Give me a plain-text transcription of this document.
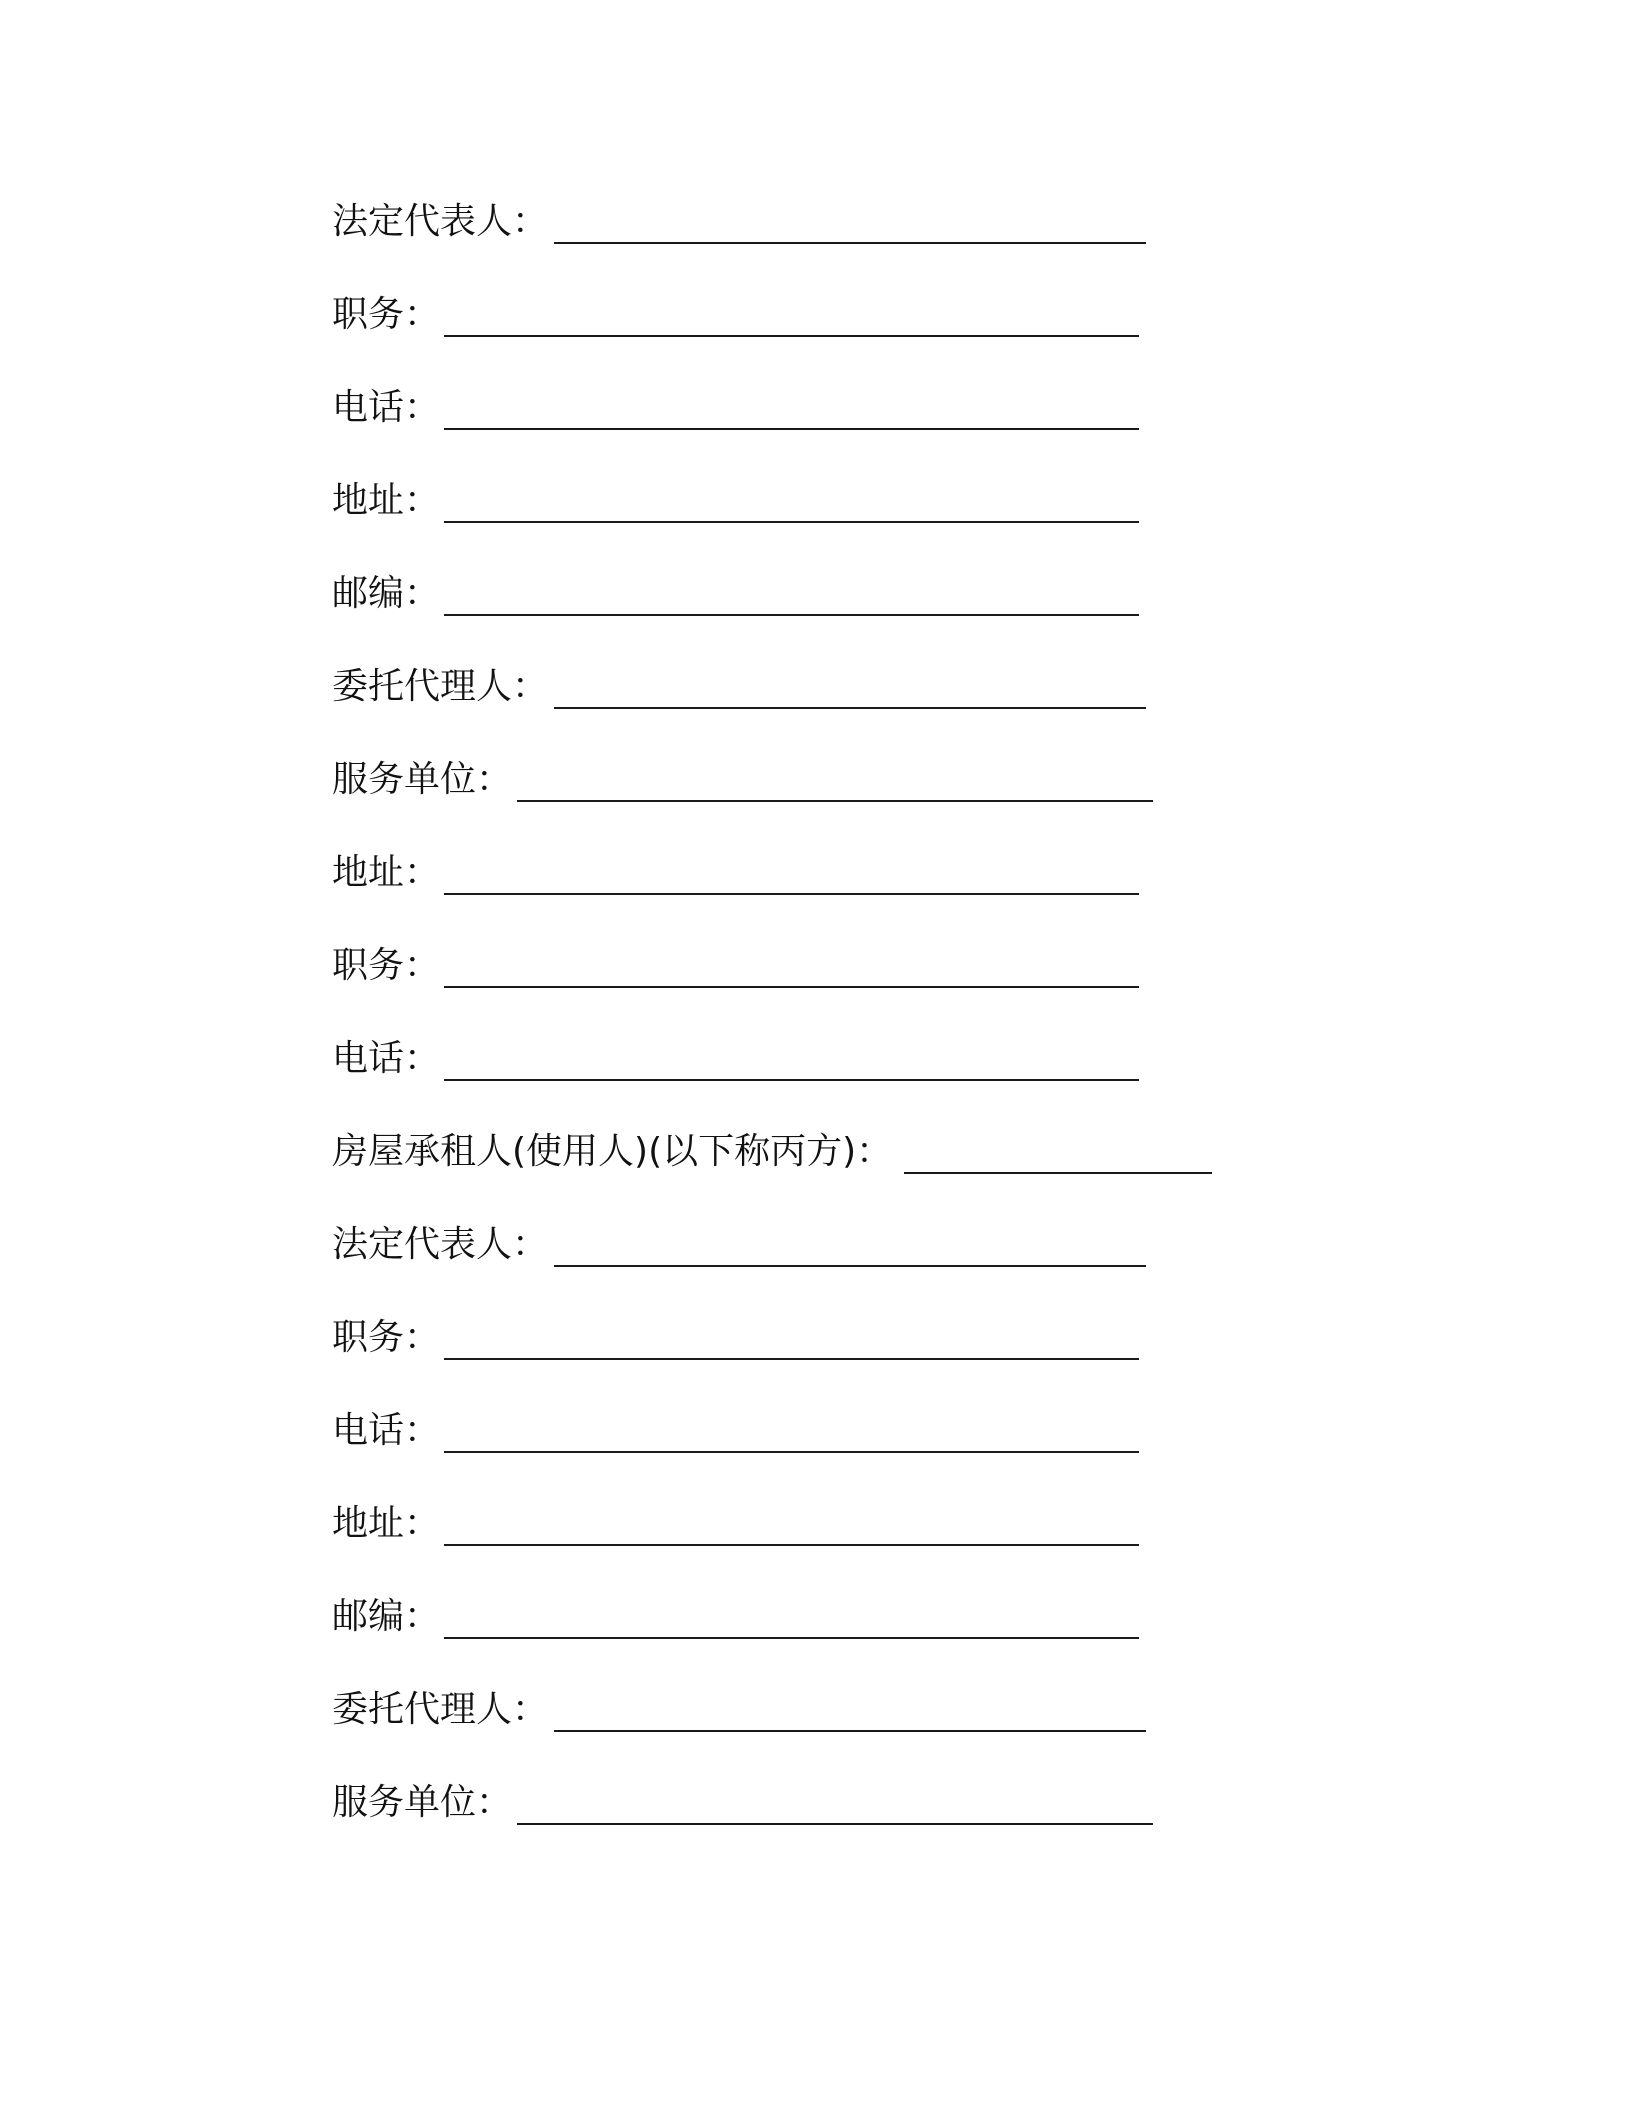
法定代表人：
职务：
电话：
地址：
邮编：
委托代理人：
服务单位：
地址：
职务：
电话：
房屋承租人(使用人)(以下称丙方)：
法定代表人：
职务：
电话：
地址：
邮编：
委托代理人：
服务单位：
